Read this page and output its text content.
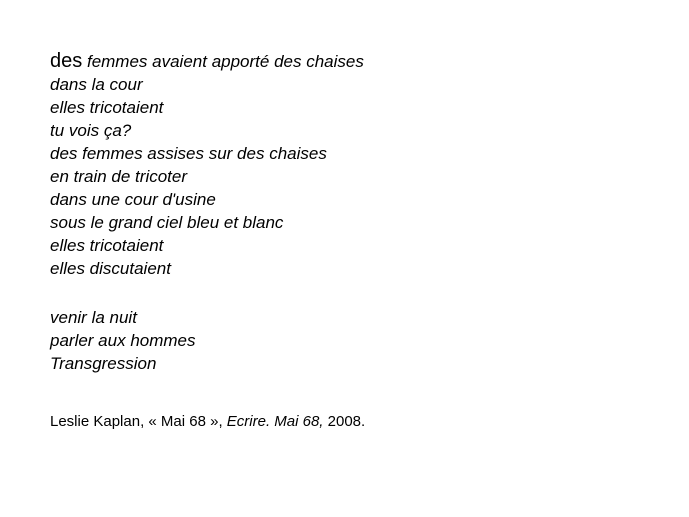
des femmes avaient apporté des chaises
dans la cour
elles tricotaient
tu vois ça?
des femmes assises sur des chaises
en train de tricoter
dans une cour d'usine
sous le grand ciel bleu et blanc
elles tricotaient
elles discutaient
venir la nuit
parler aux hommes
Transgression
Leslie Kaplan, « Mai 68 », Ecrire. Mai 68, 2008.
